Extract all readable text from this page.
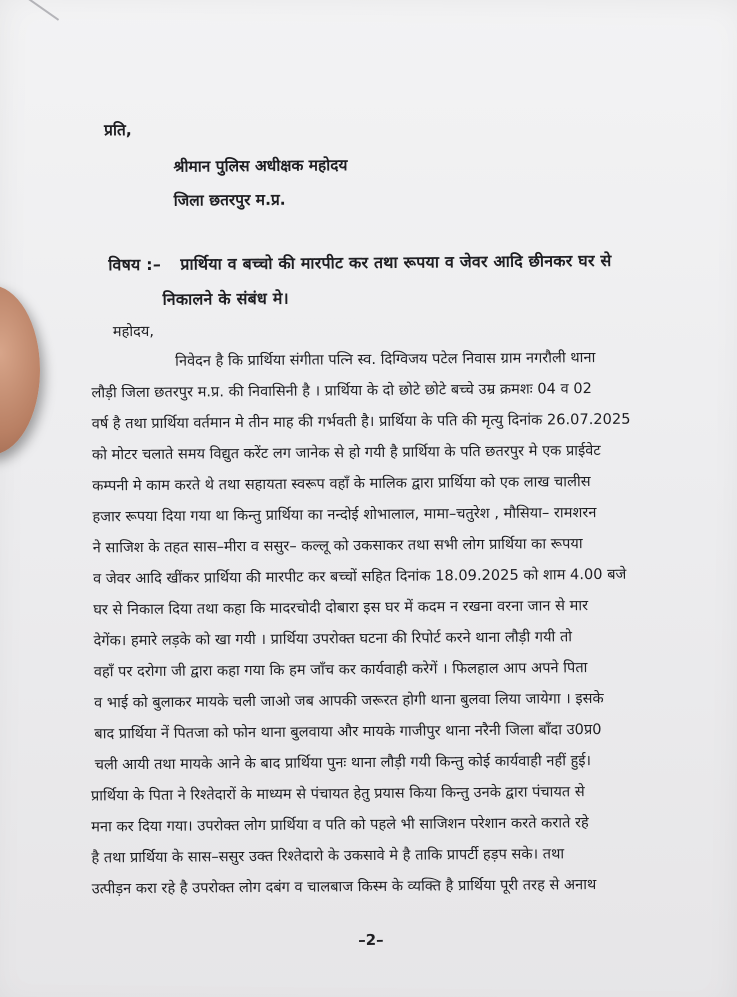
प्रति,
श्रीमान पुलिस अधीक्षक महोदय
जिला छतरपुर म.प्र.
विषय :– प्रार्थिया व बच्चो की मारपीट कर तथा रूपया व जेवर आदि छीनकर घर से
निकालने के संबंध मे।
महोदय,
निवेदन है कि प्रार्थिया संगीता पत्नि स्व. दिग्विजय पटेल निवास ग्राम नगरौली थाना
लौड़ी जिला छतरपुर म.प्र. की निवासिनी है । प्रार्थिया के दो छोटे छोटे बच्चे उम्र क्रमशः 04 व 02
वर्ष है तथा प्रार्थिया वर्तमान मे तीन माह की गर्भवती है। प्रार्थिया के पति की मृत्यु दिनांक 26.07.2025
को मोटर चलाते समय विद्युत करेंट लग जानेक से हो गयी है प्रार्थिया के पति छतरपुर मे एक प्राईवेट
कम्पनी मे काम करते थे तथा सहायता स्वरूप वहाँ के मालिक द्वारा प्रार्थिया को एक लाख चालीस
हजार रूपया दिया गया था किन्तु प्रार्थिया का नन्दोई शोभालाल, मामा–चतुरेश , मौसिया– रामशरन
ने साजिश के तहत सास–मीरा व ससुर– कल्लू को उकसाकर तथा सभी लोग प्रार्थिया का रूपया
व जेवर आदि खींकर प्रार्थिया की मारपीट कर बच्चों सहित दिनांक 18.09.2025 को शाम 4.00 बजे
घर से निकाल दिया तथा कहा कि मादरचोदी दोबारा इस घर में कदम न रखना वरना जान से मार
देगेंक। हमारे लड़के को खा गयी । प्रार्थिया उपरोक्त घटना की रिपोर्ट करने थाना लौड़ी गयी तो
वहाँ पर दरोगा जी द्वारा कहा गया कि हम जाँच कर कार्यवाही करेगें । फिलहाल आप अपने पिता
व भाई को बुलाकर मायके चली जाओ जब आपकी जरूरत होगी थाना बुलवा लिया जायेगा । इसके
बाद प्रार्थिया नें पितजा को फोन थाना बुलवाया और मायके गाजीपुर थाना नरैनी जिला बाँदा उ0प्र0
चली आयी तथा मायके आने के बाद प्रार्थिया पुनः थाना लौड़ी गयी किन्तु कोई कार्यवाही नहीं हुई।
प्रार्थिया के पिता ने रिश्तेदारों के माध्यम से पंचायत हेतु प्रयास किया किन्तु उनके द्वारा पंचायत से
मना कर दिया गया। उपरोक्त लोग प्रार्थिया व पति को पहले भी साजिशन परेशान करते कराते रहे
है तथा प्रार्थिया के सास–ससुर उक्त रिश्तेदारो के उकसावे मे है ताकि प्रापर्टी हड़प सके। तथा
उत्पीड़न करा रहे है उपरोक्त लोग दबंग व चालबाज किस्म के व्यक्ति है प्रार्थिया पूरी तरह से अनाथ
–2–
